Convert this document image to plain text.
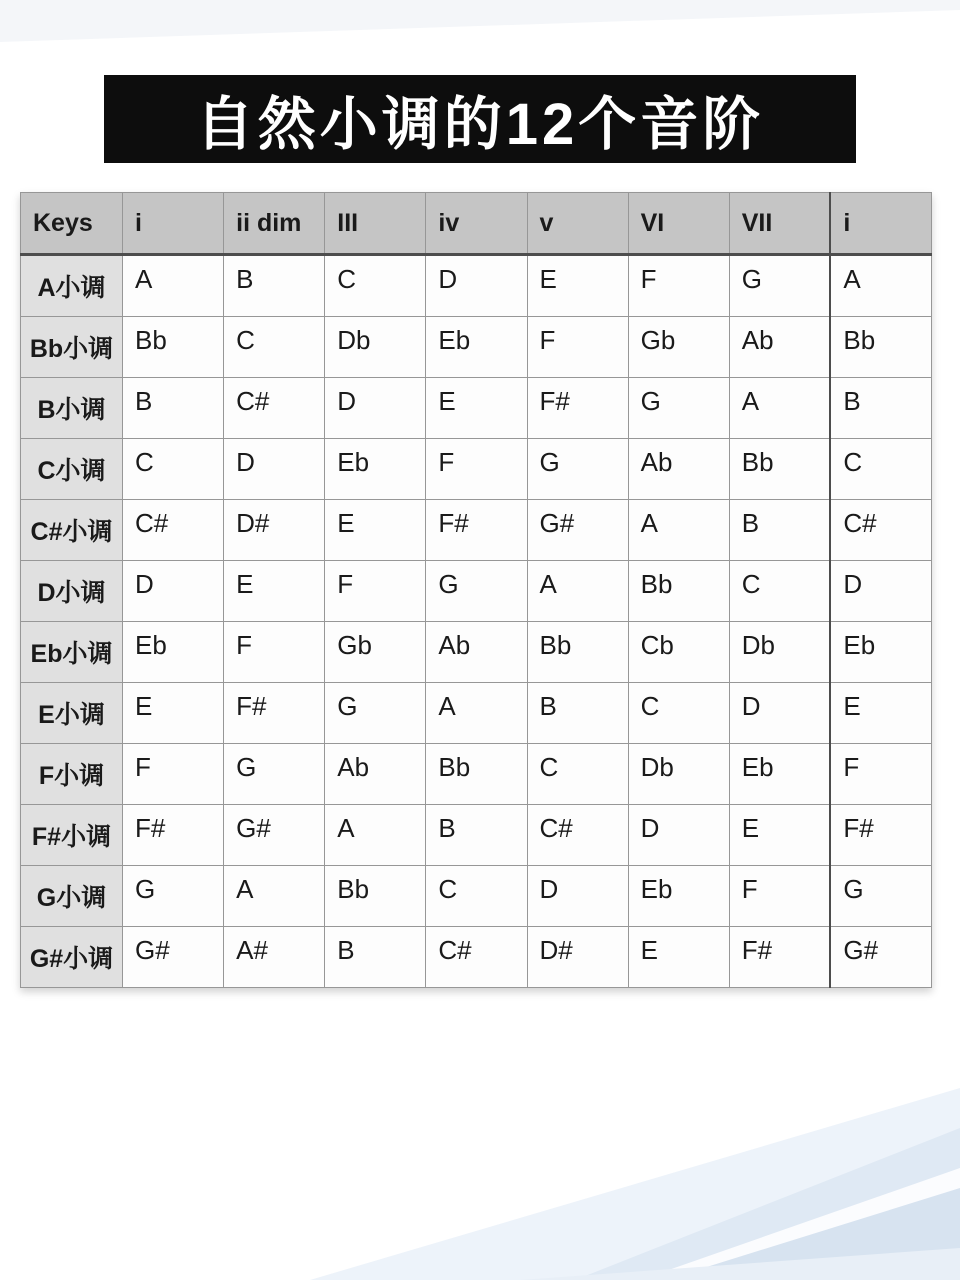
自然小调的12个音阶
Keys	i	ii dim	III	iv	v	VI	VII	i
A小调	A	B	C	D	E	F	G	A
Bb小调	Bb	C	Db	Eb	F	Gb	Ab	Bb
B小调	B	C#	D	E	F#	G	A	B
C小调	C	D	Eb	F	G	Ab	Bb	C
C#小调	C#	D#	E	F#	G#	A	B	C#
D小调	D	E	F	G	A	Bb	C	D
Eb小调	Eb	F	Gb	Ab	Bb	Cb	Db	Eb
E小调	E	F#	G	A	B	C	D	E
F小调	F	G	Ab	Bb	C	Db	Eb	F
F#小调	F#	G#	A	B	C#	D	E	F#
G小调	G	A	Bb	C	D	Eb	F	G
G#小调	G#	A#	B	C#	D#	E	F#	G#
